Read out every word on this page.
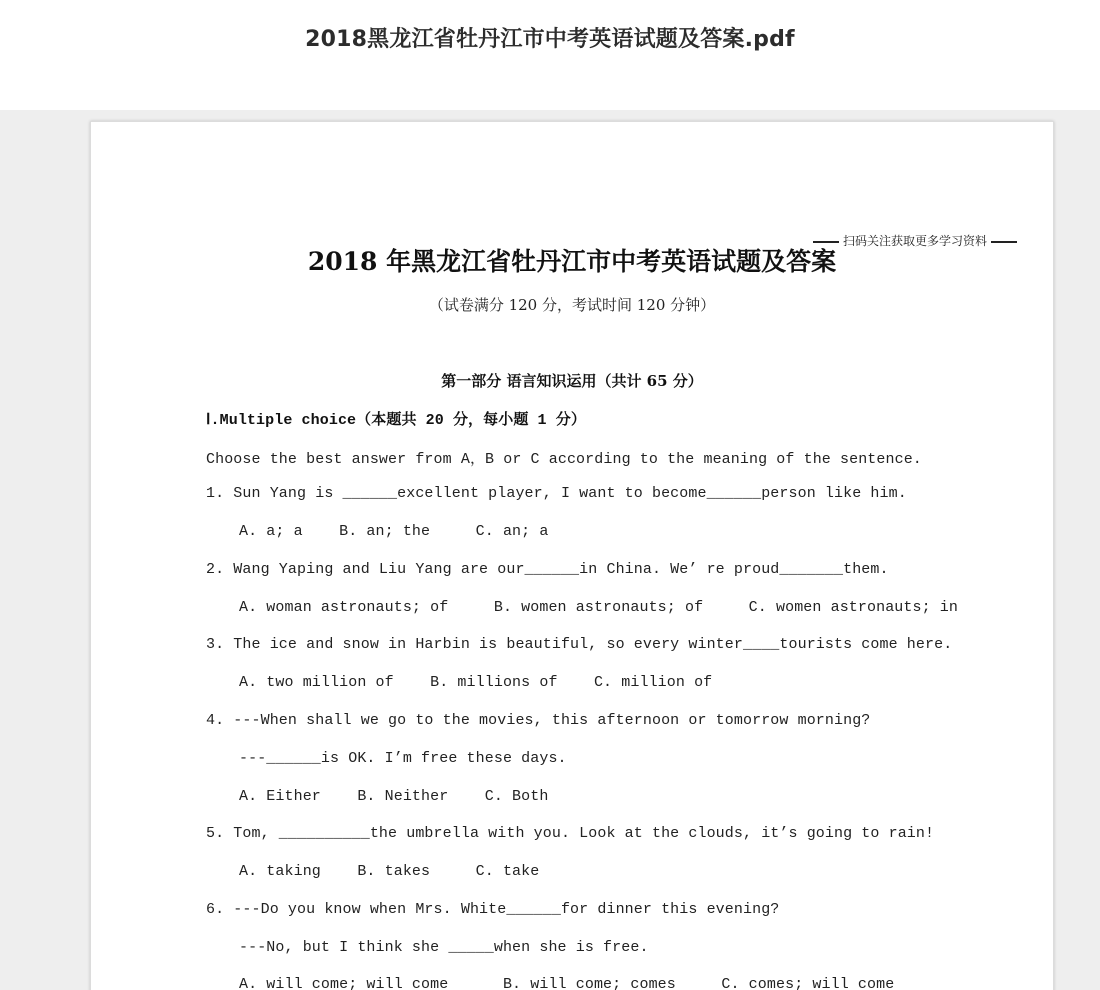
2018黑龙江省牡丹江市中考英语试题及答案.pdf
扫码关注获取更多学习资料
2018 年黑龙江省牡丹江市中考英语试题及答案
（试卷满分 120 分，考试时间 120 分钟）
第一部分 语言知识运用（共计 65 分）
Ⅰ.Multiple choice（本题共 20 分，每小题 1 分）
Choose the best answer from A，B or C according to the meaning of the sentence.
1. Sun Yang is ______excellent player, I want to become______person like him.
A. a; a    B. an; the     C. an; a
2. Wang Yaping and Liu Yang are our______in China. We’ re proud_______them.
A. woman astronauts; of     B. women astronauts; of     C. women astronauts; in
3. The ice and snow in Harbin is beautiful, so every winter____tourists come here.
A. two million of    B. millions of    C. million of
4. ---When shall we go to the movies, this afternoon or tomorrow morning?
---______is OK. I’m free these days.
A. Either    B. Neither    C. Both
5. Tom, __________the umbrella with you. Look at the clouds, it’s going to rain!
A. taking    B. takes     C. take
6. ---Do you know when Mrs. White______for dinner this evening?
---No, but I think she _____when she is free.
A. will come; will come      B. will come; comes     C. comes; will come
